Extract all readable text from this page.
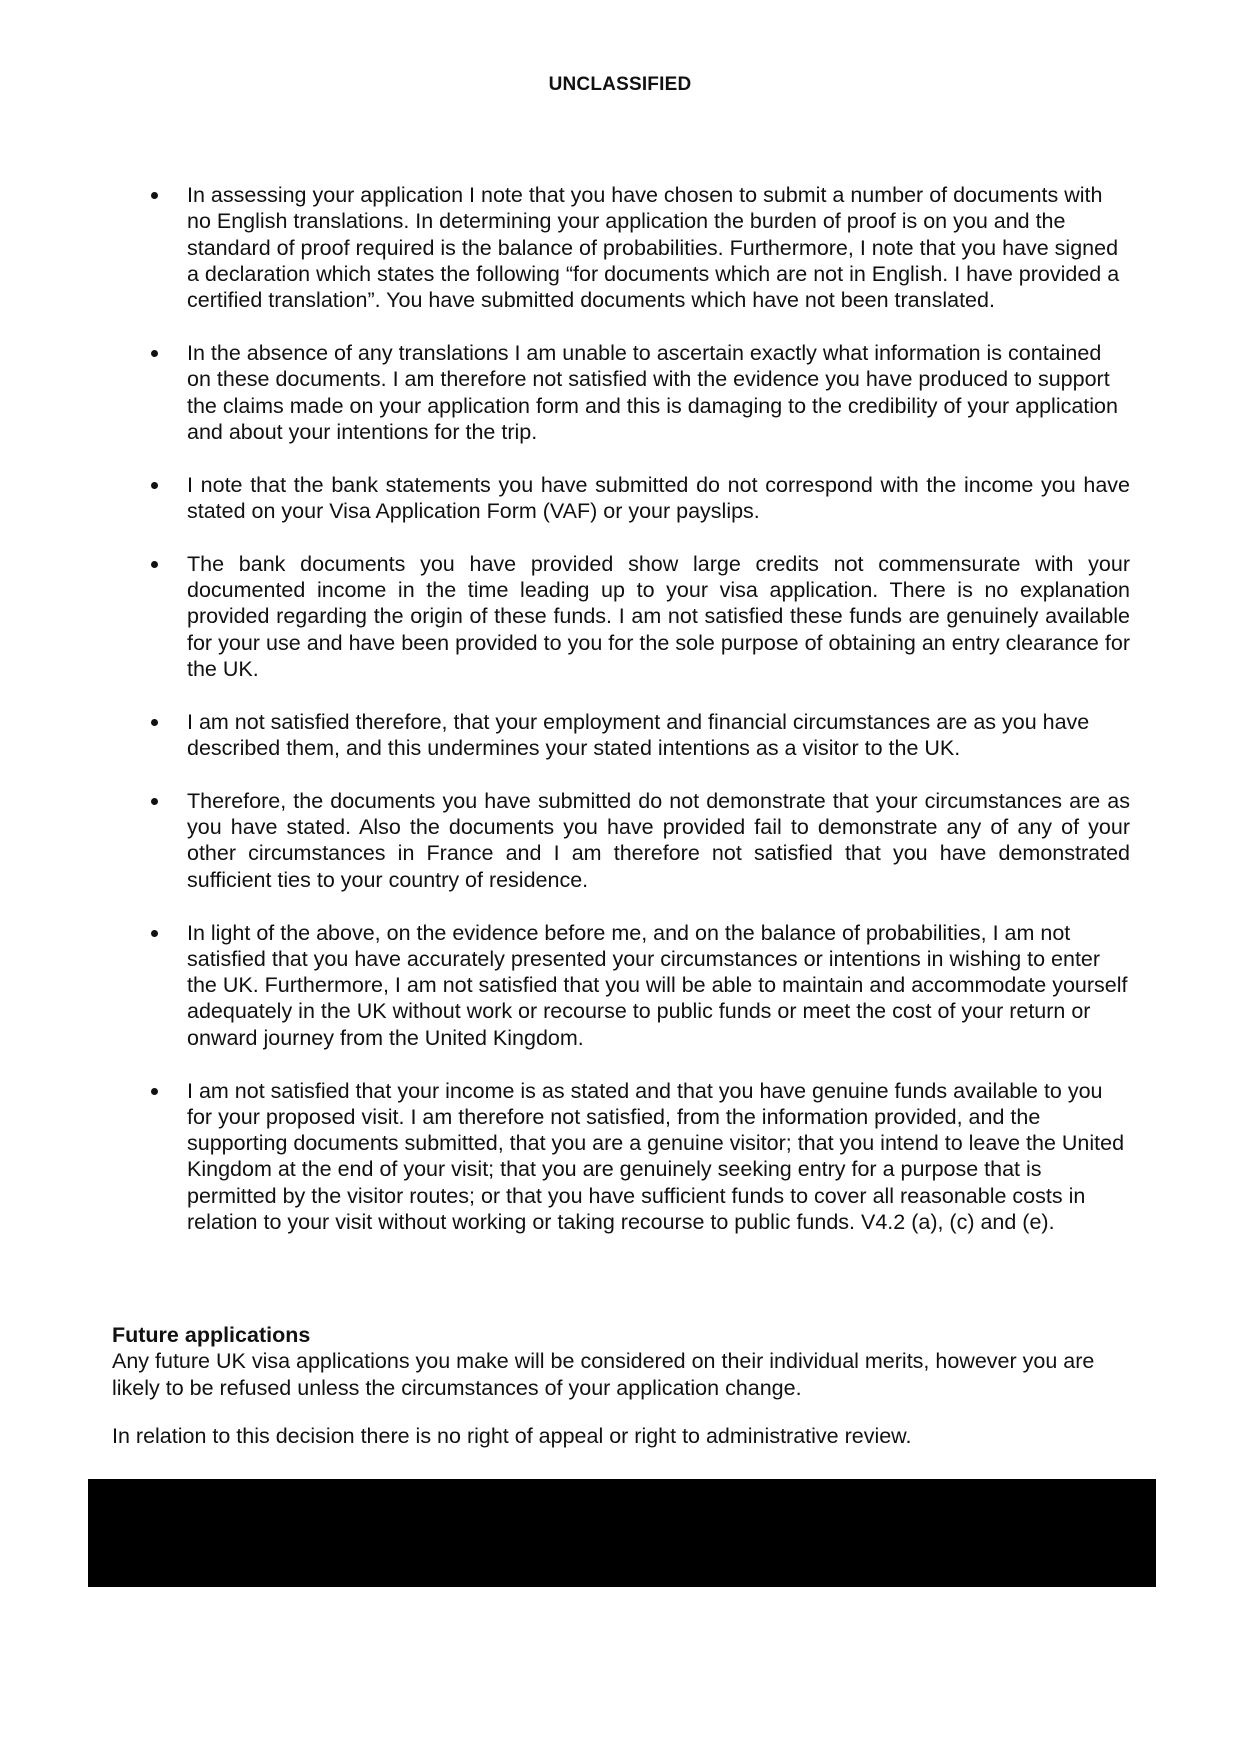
UNCLASSIFIED
In assessing your application I note that you have chosen to submit a number of documents with no English translations. In determining your application the burden of proof is on you and the standard of proof required is the balance of probabilities. Furthermore, I note that you have signed a declaration which states the following “for documents which are not in English. I have provided a certified translation”. You have submitted documents which have not been translated.
In the absence of any translations I am unable to ascertain exactly what information is contained on these documents. I am therefore not satisfied with the evidence you have produced to support the claims made on your application form and this is damaging to the credibility of your application and about your intentions for the trip.
I note that the bank statements you have submitted do not correspond with the income you have stated on your Visa Application Form (VAF) or your payslips.
The bank documents you have provided show large credits not commensurate with your documented income in the time leading up to your visa application. There is no explanation provided regarding the origin of these funds. I am not satisfied these funds are genuinely available for your use and have been provided to you for the sole purpose of obtaining an entry clearance for the UK.
I am not satisfied therefore, that your employment and financial circumstances are as you have described them, and this undermines your stated intentions as a visitor to the UK.
Therefore, the documents you have submitted do not demonstrate that your circumstances are as you have stated. Also the documents you have provided fail to demonstrate any of any of your other circumstances in France and I am therefore not satisfied that you have demonstrated sufficient ties to your country of residence.
In light of the above, on the evidence before me, and on the balance of probabilities, I am not satisfied that you have accurately presented your circumstances or intentions in wishing to enter the UK. Furthermore, I am not satisfied that you will be able to maintain and accommodate yourself adequately in the UK without work or recourse to public funds or meet the cost of your return or onward journey from the United Kingdom.
I am not satisfied that your income is as stated and that you have genuine funds available to you for your proposed visit. I am therefore not satisfied, from the information provided, and the supporting documents submitted, that you are a genuine visitor; that you intend to leave the United Kingdom at the end of your visit; that you are genuinely seeking entry for a purpose that is permitted by the visitor routes; or that you have sufficient funds to cover all reasonable costs in relation to your visit without working or taking recourse to public funds. V4.2 (a), (c) and (e).
Future applications
Any future UK visa applications you make will be considered on their individual merits, however you are likely to be refused unless the circumstances of your application change.
In relation to this decision there is no right of appeal or right to administrative review.
